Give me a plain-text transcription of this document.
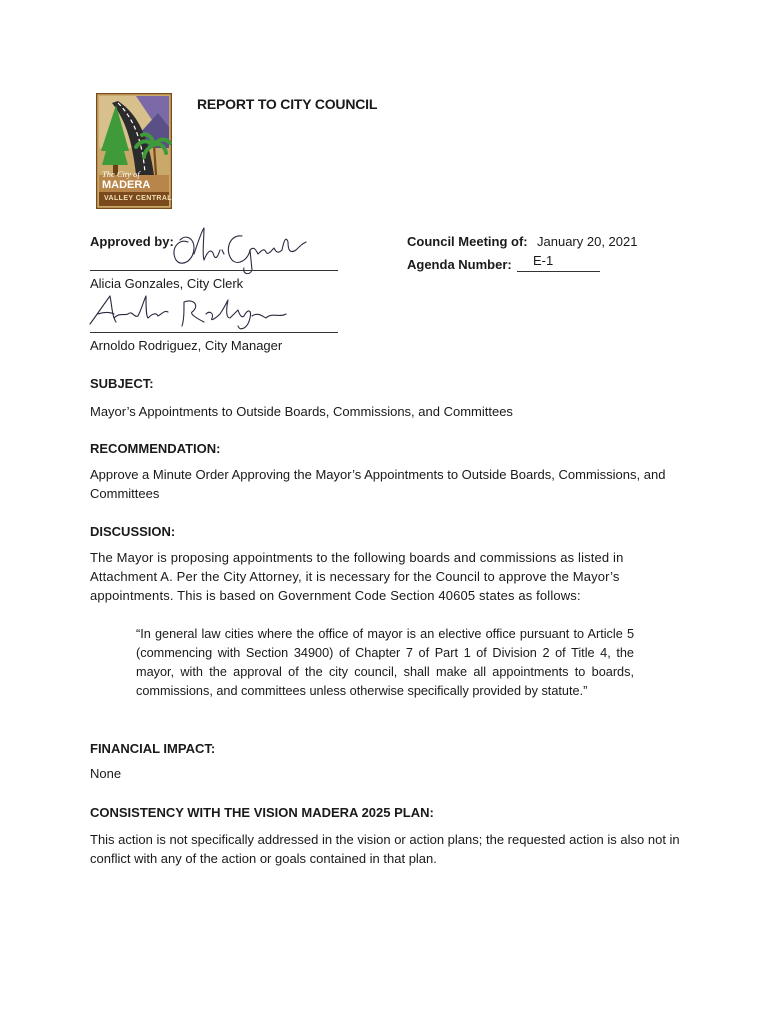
The City of
MADERA
VALLEY CENTRAL
REPORT TO CITY COUNCIL
Approved by:
Alicia Gonzales, City Clerk
Arnoldo Rodriguez, City Manager
Council Meeting of: January 20, 2021
Agenda Number: E-1
SUBJECT:
Mayor’s Appointments to Outside Boards, Commissions, and Committees
RECOMMENDATION:
Approve a Minute Order Approving the Mayor’s Appointments to Outside Boards, Commissions, and Committees
DISCUSSION:
The Mayor is proposing appointments to the following boards and commissions as listed in Attachment A. Per the City Attorney, it is necessary for the Council to approve the Mayor’s appointments. This is based on Government Code Section 40605 states as follows:
“In general law cities where the office of mayor is an elective office pursuant to Article 5 (commencing with Section 34900) of Chapter 7 of Part 1 of Division 2 of Title 4, the mayor, with the approval of the city council, shall make all appointments to boards, commissions, and committees unless otherwise specifically provided by statute.”
FINANCIAL IMPACT:
None
CONSISTENCY WITH THE VISION MADERA 2025 PLAN:
This action is not specifically addressed in the vision or action plans; the requested action is also not in conflict with any of the action or goals contained in that plan.
